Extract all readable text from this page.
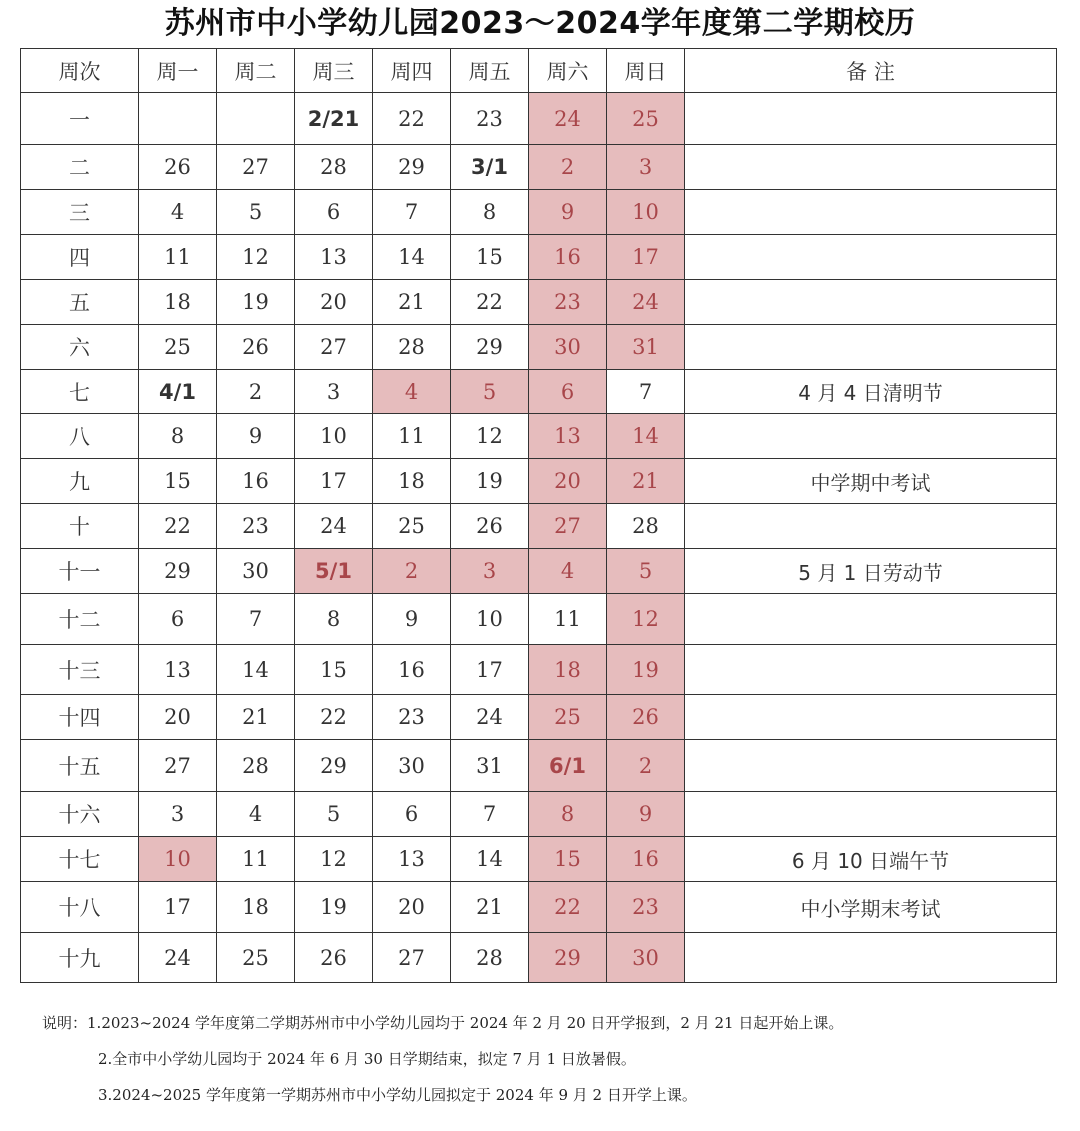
苏州市中小学幼儿园2023～2024学年度第二学期校历
周次	周一	周二	周三	周四	周五	周六	周日	备 注
一			2/21	22	23	24	25	
二	26	27	28	29	3/1	2	3	
三	4	5	6	7	8	9	10	
四	11	12	13	14	15	16	17	
五	18	19	20	21	22	23	24	
六	25	26	27	28	29	30	31	
七	4/1	2	3	4	5	6	7	4 月 4 日清明节
八	8	9	10	11	12	13	14	
九	15	16	17	18	19	20	21	中学期中考试
十	22	23	24	25	26	27	28	
十一	29	30	5/1	2	3	4	5	5 月 1 日劳动节
十二	6	7	8	9	10	11	12	
十三	13	14	15	16	17	18	19	
十四	20	21	22	23	24	25	26	
十五	27	28	29	30	31	6/1	2	
十六	3	4	5	6	7	8	9	
十七	10	11	12	13	14	15	16	6 月 10 日端午节
十八	17	18	19	20	21	22	23	中小学期末考试
十九	24	25	26	27	28	29	30	

说明：1.2023~2024 学年度第二学期苏州市中小学幼儿园均于 2024 年 2 月 20 日开学报到，2 月 21 日起开始上课。

2.全市中小学幼儿园均于 2024 年 6 月 30 日学期结束，拟定 7 月 1 日放暑假。

3.2024~2025 学年度第一学期苏州市中小学幼儿园拟定于 2024 年 9 月 2 日开学上课。
